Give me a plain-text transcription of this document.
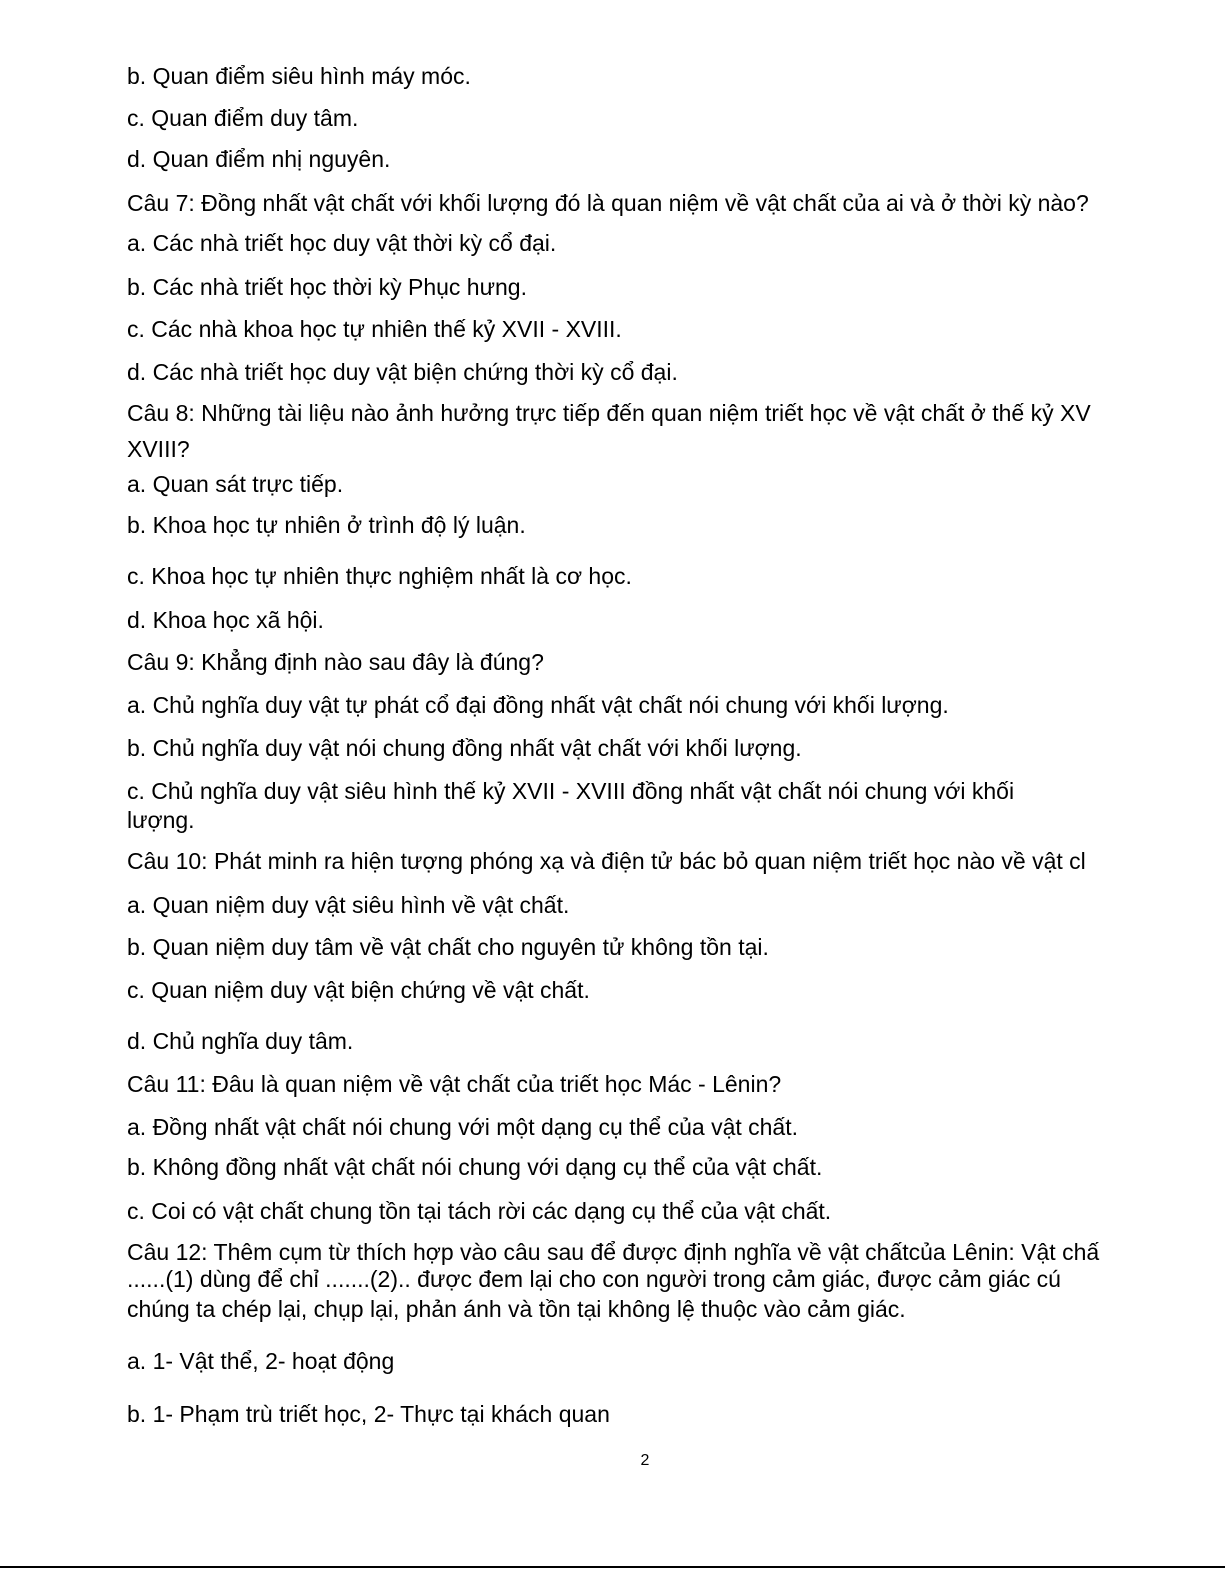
b. Quan điểm siêu hình máy móc.
c. Quan điểm duy tâm.
d. Quan điểm nhị nguyên.
Câu 7: Đồng nhất vật chất với khối lượng đó là quan niệm về vật chất của ai và ở thời kỳ nào?
a. Các nhà triết học duy vật thời kỳ cổ đại.
b. Các nhà triết học thời kỳ Phục hưng.
c. Các nhà khoa học tự nhiên thế kỷ XVII - XVIII.
d. Các nhà triết học duy vật biện chứng thời kỳ cổ đại.
Câu 8: Những tài liệu nào ảnh hưởng trực tiếp đến quan niệm triết học về vật chất ở thế kỷ XV
XVIII?
a. Quan sát trực tiếp.
b. Khoa học tự nhiên ở trình độ lý luận.
c. Khoa học tự nhiên thực nghiệm nhất là cơ học.
d. Khoa học xã hội.
Câu 9: Khẳng định nào sau đây là đúng?
a. Chủ nghĩa duy vật tự phát cổ đại đồng nhất vật chất nói chung với khối lượng.
b. Chủ nghĩa duy vật nói chung đồng nhất vật chất với khối lượng.
c. Chủ nghĩa duy vật siêu hình thế kỷ XVII - XVIII đồng nhất vật chất nói chung với khối
lượng.
Câu 10: Phát minh ra hiện tượng phóng xạ và điện tử bác bỏ quan niệm triết học nào về vật cl
a. Quan niệm duy vật siêu hình về vật chất.
b. Quan niệm duy tâm về vật chất cho nguyên tử không tồn tại.
c. Quan niệm duy vật biện chứng về vật chất.
d. Chủ nghĩa duy tâm.
Câu 11: Đâu là quan niệm về vật chất của triết học Mác - Lênin?
a. Đồng nhất vật chất nói chung với một dạng cụ thể của vật chất.
b. Không đồng nhất vật chất nói chung với dạng cụ thể của vật chất.
c. Coi có vật chất chung tồn tại tách rời các dạng cụ thể của vật chất.
Câu 12: Thêm cụm từ thích hợp vào câu sau để được định nghĩa về vật chấtcủa Lênin: Vật chấ
......(1) dùng để chỉ .......(2).. được đem lại cho con người trong cảm giác, được cảm giác cú
chúng ta chép lại, chụp lại, phản ánh và tồn tại không lệ thuộc vào cảm giác.
a. 1- Vật thể, 2- hoạt động
b. 1- Phạm trù triết học, 2- Thực tại khách quan
2
